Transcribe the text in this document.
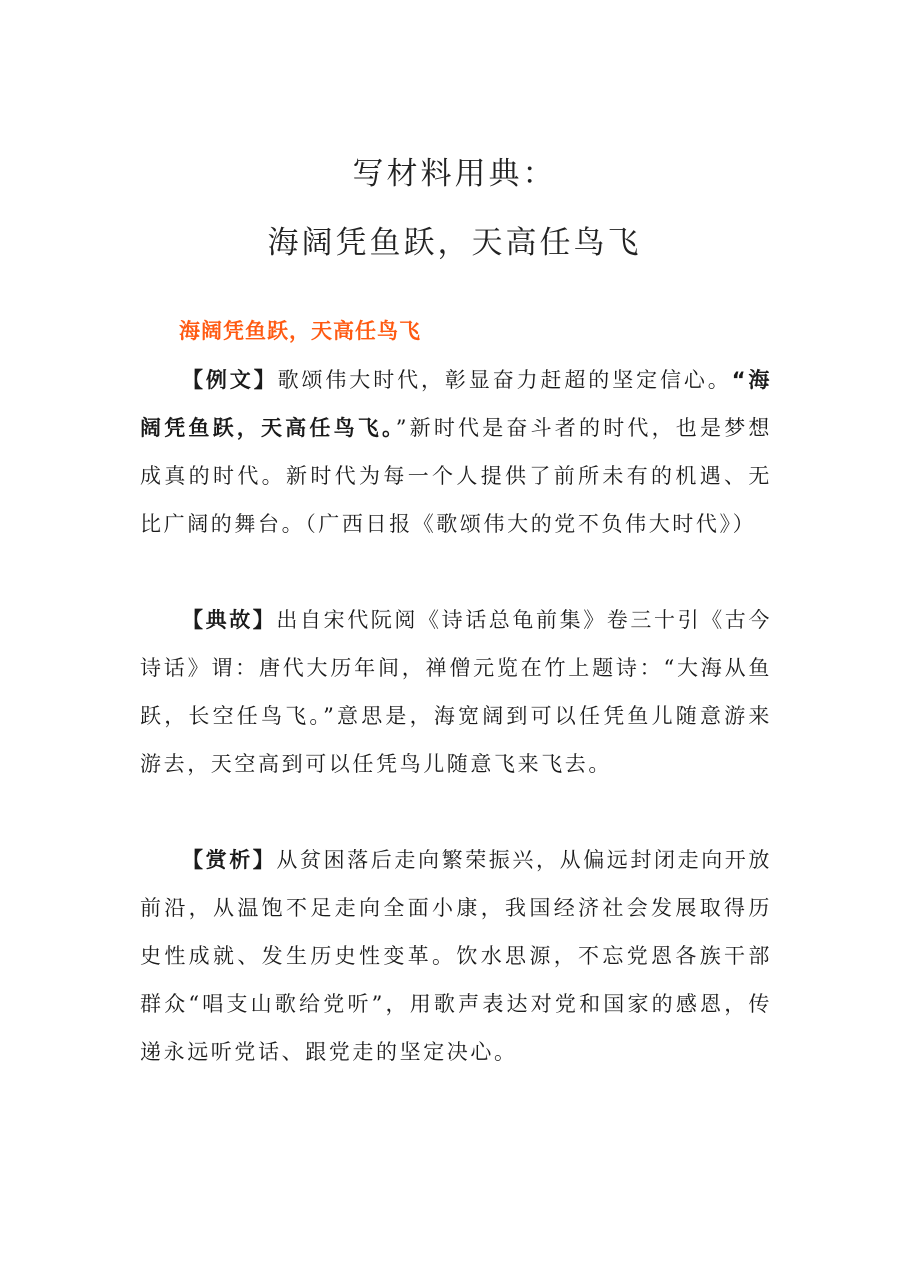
写材料用典：
海阔凭鱼跃，天高任鸟飞
海阔凭鱼跃，天高任鸟飞

【例文】歌颂伟大时代，彰显奋力赶超的坚定信心。“海阔凭鱼跃，天高任鸟飞。”新时代是奋斗者的时代，也是梦想成真的时代。新时代为每一个人提供了前所未有的机遇、无比广阔的舞台。（广西日报《歌颂伟大的党不负伟大时代》）

【典故】出自宋代阮阅《诗话总龟前集》卷三十引《古今诗话》谓：唐代大历年间，禅僧元览在竹上题诗：“大海从鱼跃，长空任鸟飞。”意思是，海宽阔到可以任凭鱼儿随意游来游去，天空高到可以任凭鸟儿随意飞来飞去。

【赏析】从贫困落后走向繁荣振兴，从偏远封闭走向开放前沿，从温饱不足走向全面小康，我国经济社会发展取得历史性成就、发生历史性变革。饮水思源，不忘党恩各族干部群众“唱支山歌给党听”，用歌声表达对党和国家的感恩，传递永远听党话、跟党走的坚定决心。
